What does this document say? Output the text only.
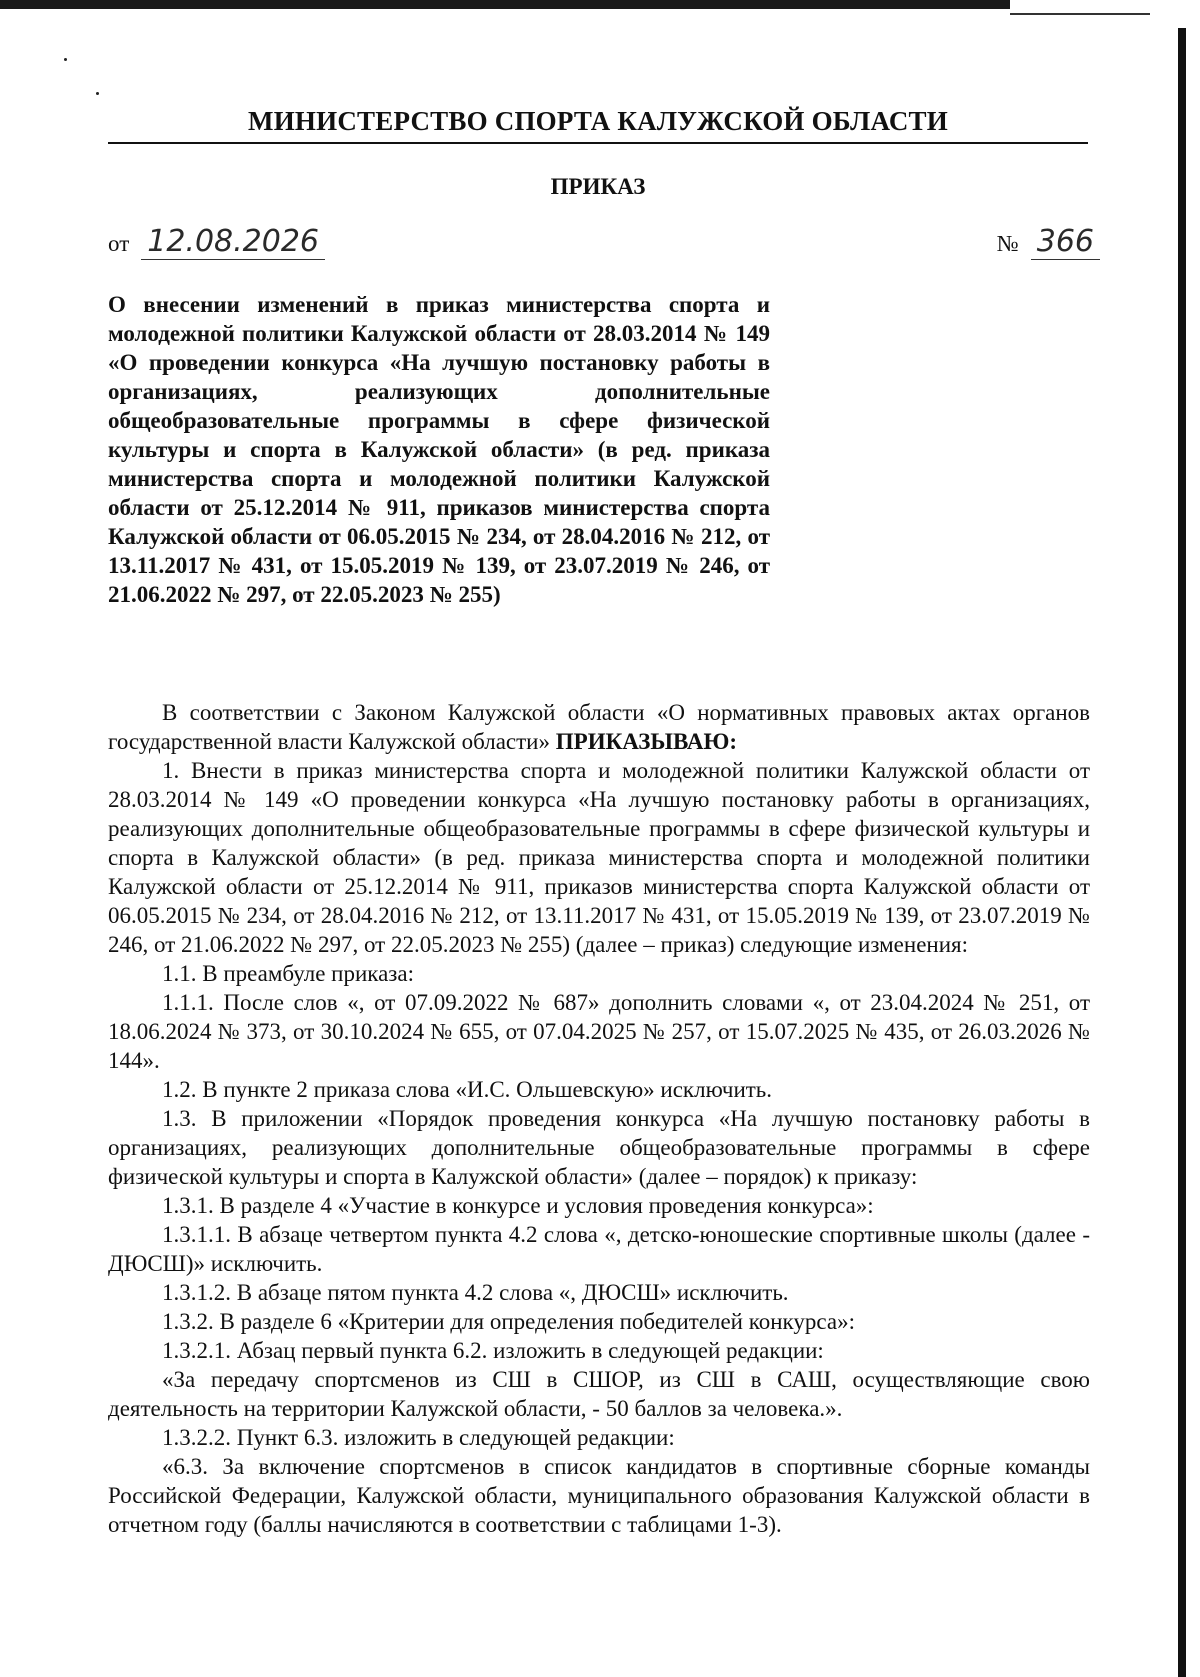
МИНИСТЕРСТВО СПОРТА КАЛУЖСКОЙ ОБЛАСТИ
ПРИКАЗ
от 12.08.2026	№ 366
О внесении изменений в приказ министерства спорта и молодежной политики Калужской области от 28.03.2014 № 149 «О проведении конкурса «На лучшую постановку работы в организациях, реализующих дополнительные общеобразовательные программы в сфере физической культуры и спорта в Калужской области» (в ред. приказа министерства спорта и молодежной политики Калужской области от 25.12.2014 № 911, приказов министерства спорта Калужской области от 06.05.2015 № 234, от 28.04.2016 № 212, от 13.11.2017 № 431, от 15.05.2019 № 139, от 23.07.2019 № 246, от 21.06.2022 № 297, от 22.05.2023 № 255)

В соответствии с Законом Калужской области «О нормативных правовых актах органов государственной власти Калужской области» ПРИКАЗЫВАЮ:

1. Внести в приказ министерства спорта и молодежной политики Калужской области от 28.03.2014 № 149 «О проведении конкурса «На лучшую постановку работы в организациях, реализующих дополнительные общеобразовательные программы в сфере физической культуры и спорта в Калужской области» (в ред. приказа министерства спорта и молодежной политики Калужской области от 25.12.2014 № 911, приказов министерства спорта Калужской области от 06.05.2015 № 234, от 28.04.2016 № 212, от 13.11.2017 № 431, от 15.05.2019 № 139, от 23.07.2019 № 246, от 21.06.2022 № 297, от 22.05.2023 № 255) (далее – приказ) следующие изменения:

1.1. В преамбуле приказа:

1.1.1. После слов «, от 07.09.2022 № 687» дополнить словами «, от 23.04.2024 № 251, от 18.06.2024 № 373, от 30.10.2024 № 655, от 07.04.2025 № 257, от 15.07.2025 № 435, от 26.03.2026 № 144».

1.2. В пункте 2 приказа слова «И.С. Ольшевскую» исключить.

1.3. В приложении «Порядок проведения конкурса «На лучшую постановку работы в организациях, реализующих дополнительные общеобразовательные программы в сфере физической культуры и спорта в Калужской области» (далее – порядок) к приказу:

1.3.1. В разделе 4 «Участие в конкурсе и условия проведения конкурса»:

1.3.1.1. В абзаце четвертом пункта 4.2 слова «, детско-юношеские спортивные школы (далее - ДЮСШ)» исключить.

1.3.1.2. В абзаце пятом пункта 4.2 слова «, ДЮСШ» исключить.

1.3.2. В разделе 6 «Критерии для определения победителей конкурса»:

1.3.2.1. Абзац первый пункта 6.2. изложить в следующей редакции:

«За передачу спортсменов из СШ в СШОР, из СШ в САШ, осуществляющие свою деятельность на территории Калужской области, - 50 баллов за человека.».

1.3.2.2. Пункт 6.3. изложить в следующей редакции:

«6.3. За включение спортсменов в список кандидатов в спортивные сборные команды Российской Федерации, Калужской области, муниципального образования Калужской области в отчетном году (баллы начисляются в соответствии с таблицами 1-3).
